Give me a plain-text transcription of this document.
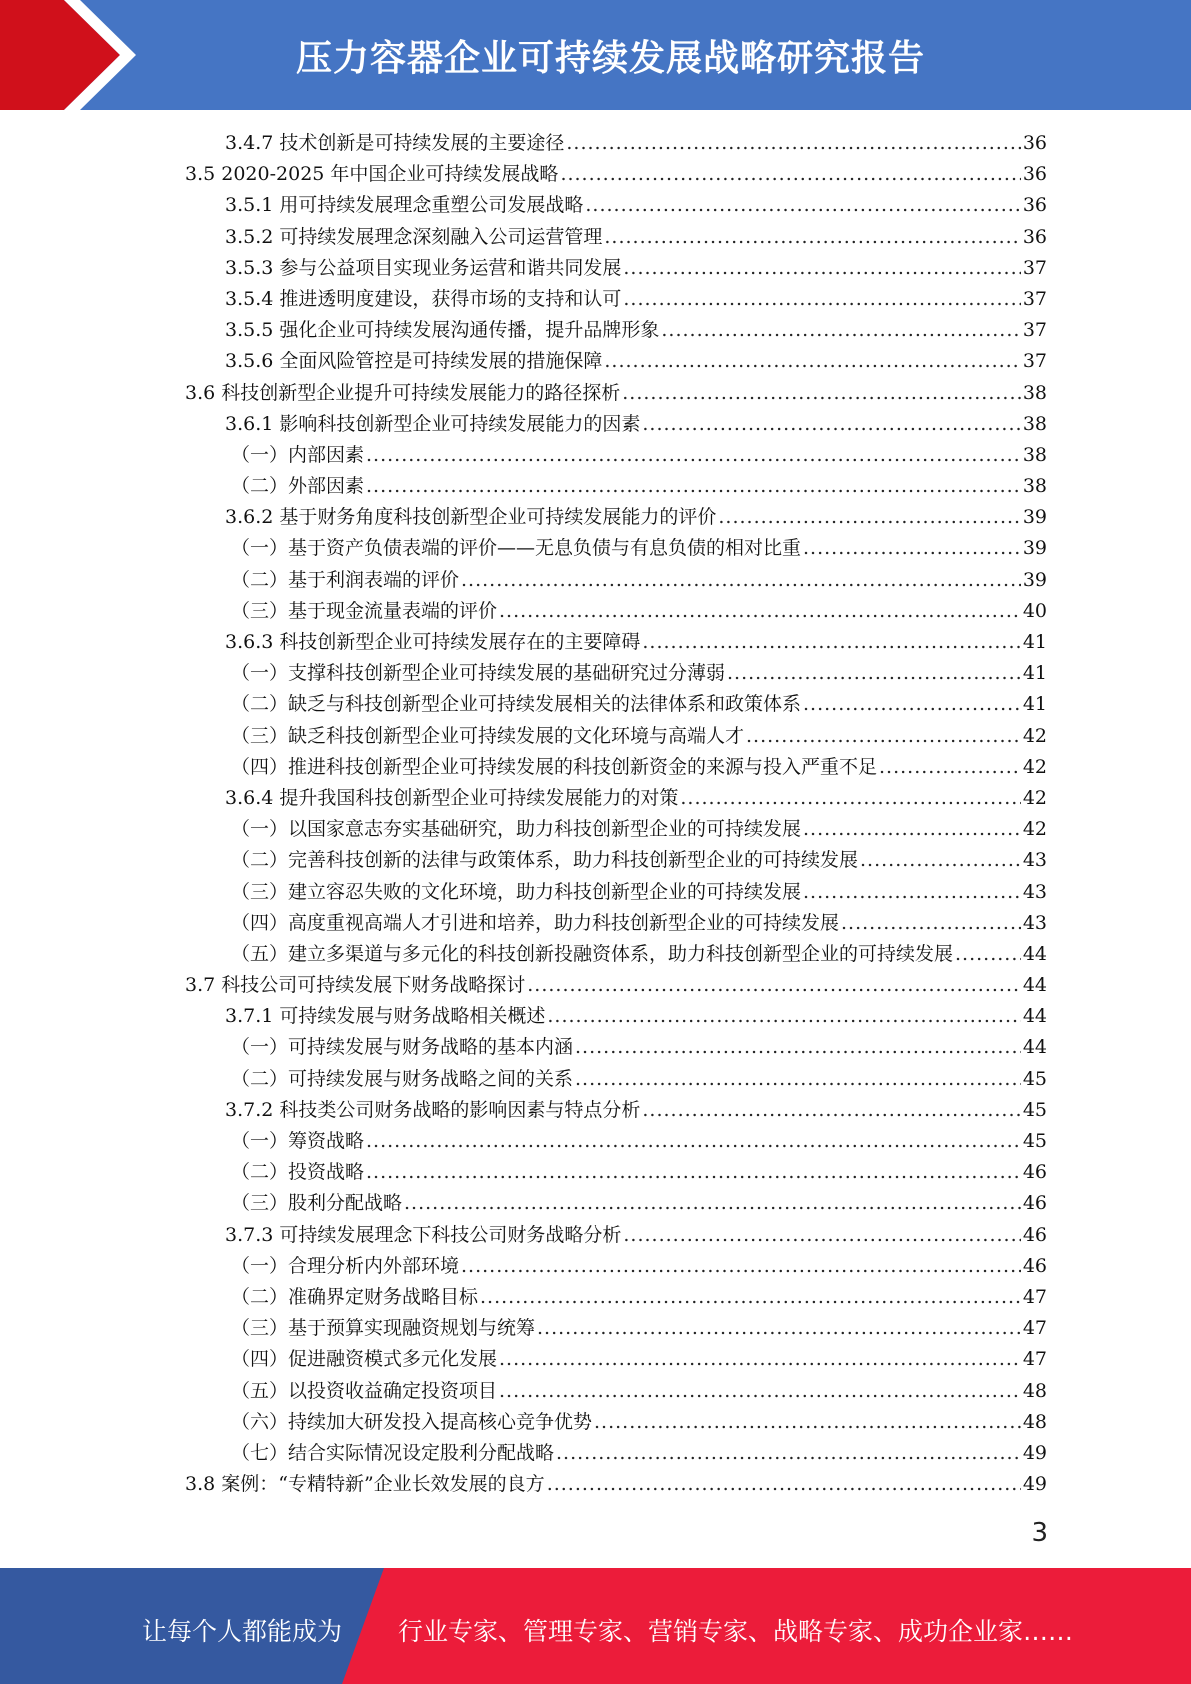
压力容器企业可持续发展战略研究报告
3.4.7 技术创新是可持续发展的主要途径 .....	36
3.5 2020-2025 年中国企业可持续发展战略 .....	36
3.5.1 用可持续发展理念重塑公司发展战略 .....	36
3.5.2 可持续发展理念深刻融入公司运营管理 .....	36
3.5.3 参与公益项目实现业务运营和谐共同发展 .....	37
3.5.4 推进透明度建设，获得市场的支持和认可 .....	37
3.5.5 强化企业可持续发展沟通传播，提升品牌形象 .....	37
3.5.6 全面风险管控是可持续发展的措施保障 .....	37
3.6 科技创新型企业提升可持续发展能力的路径探析 .....	38
3.6.1 影响科技创新型企业可持续发展能力的因素 .....	38
（一）内部因素 .....	38
（二）外部因素 .....	38
3.6.2 基于财务角度科技创新型企业可持续发展能力的评价 .....	39
（一）基于资产负债表端的评价——无息负债与有息负债的相对比重 .....	39
（二）基于利润表端的评价 .....	39
（三）基于现金流量表端的评价 .....	40
3.6.3 科技创新型企业可持续发展存在的主要障碍 .....	41
（一）支撑科技创新型企业可持续发展的基础研究过分薄弱 .....	41
（二）缺乏与科技创新型企业可持续发展相关的法律体系和政策体系 .....	41
（三）缺乏科技创新型企业可持续发展的文化环境与高端人才 .....	42
（四）推进科技创新型企业可持续发展的科技创新资金的来源与投入严重不足 .....	42
3.6.4 提升我国科技创新型企业可持续发展能力的对策 .....	42
（一）以国家意志夯实基础研究，助力科技创新型企业的可持续发展 .....	42
（二）完善科技创新的法律与政策体系，助力科技创新型企业的可持续发展 .....	43
（三）建立容忍失败的文化环境，助力科技创新型企业的可持续发展 .....	43
（四）高度重视高端人才引进和培养，助力科技创新型企业的可持续发展 .....	43
（五）建立多渠道与多元化的科技创新投融资体系，助力科技创新型企业的可持续发展 .....	44
3.7 科技公司可持续发展下财务战略探讨 .....	44
3.7.1 可持续发展与财务战略相关概述 .....	44
（一）可持续发展与财务战略的基本内涵 .....	44
（二）可持续发展与财务战略之间的关系 .....	45
3.7.2 科技类公司财务战略的影响因素与特点分析 .....	45
（一）筹资战略 .....	45
（二）投资战略 .....	46
（三）股利分配战略 .....	46
3.7.3 可持续发展理念下科技公司财务战略分析 .....	46
（一）合理分析内外部环境 .....	46
（二）准确界定财务战略目标 .....	47
（三）基于预算实现融资规划与统筹 .....	47
（四）促进融资模式多元化发展 .....	47
（五）以投资收益确定投资项目 .....	48
（六）持续加大研发投入提高核心竞争优势 .....	48
（七）结合实际情况设定股利分配战略 .....	49
3.8 案例：“专精特新”企业长效发展的良方 .....	49
3
让每个人都能成为 行业专家、管理专家、营销专家、战略专家、成功企业家……
